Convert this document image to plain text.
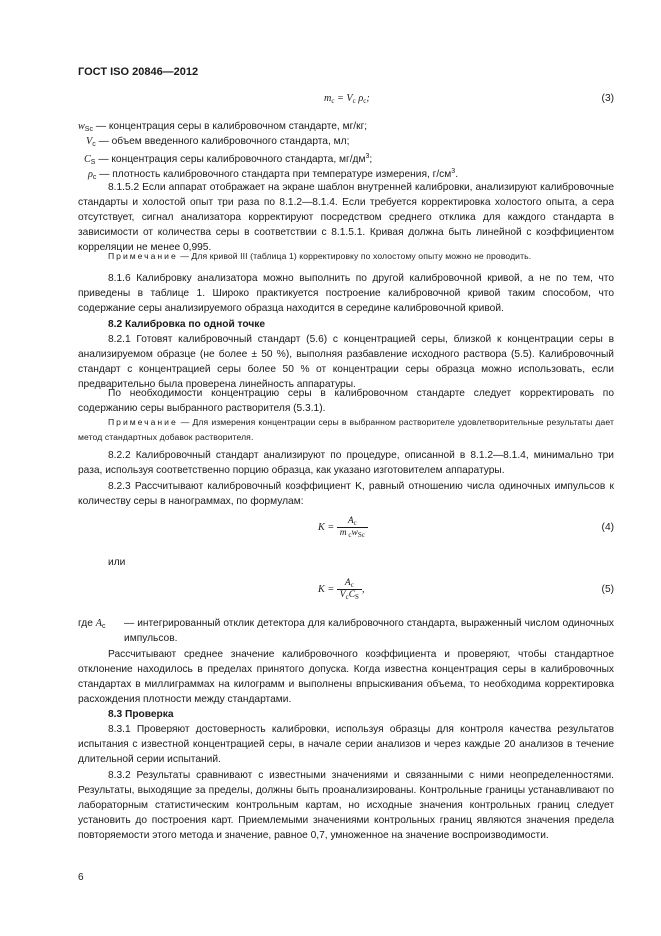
ГОСТ ISO 20846—2012
$m_c = V_c$ $\rho_c$;	(3)
$w_{Sc}$ — концентрация серы в калибровочном стандарте, мг/кг;
$V_c$ — объем введенного калибровочного стандарта, мл;
$C_S$ — концентрация серы калибровочного стандарта, $мг/дм^3$;
$\rho_c$ — плотность калибровочного стандарта при температуре измерения, $г/см^3$.
8.1.5.2 Если аппарат отображает на экране шаблон внутренней калибровки, анализируют калибровочные стандарты и холостой опыт три раза по 8.1.2—8.1.4. Если требуется корректировка холостого опыта, а сера отсутствует, сигнал анализатора корректируют посредством среднего отклика для каждого стандарта в зависимости от количества серы в соответствии с 8.1.5.1. Кривая должна быть линейной с коэффициентом корреляции не менее 0,995.
Примечание — Для кривой III (таблица 1) корректировку по холостому опыту можно не проводить.
8.1.6 Калибровку анализатора можно выполнить по другой калибровочной кривой, а не по тем, что приведены в таблице 1. Широко практикуется построение калибровочной кривой таким способом, что содержание серы анализируемого образца находится в середине калибровочной кривой.
8.2 Калибровка по одной точке
8.2.1 Готовят калибровочный стандарт (5.6) с концентрацией серы, близкой к концентрации серы в анализируемом образце (не более ± 50 %), выполняя разбавление исходного раствора (5.5). Калибровочный стандарт с концентрацией серы более 50 % от концентрации серы образца можно использовать, если предварительно была проверена линейность аппаратуры.
По необходимости концентрацию серы в калибровочном стандарте следует корректировать по содержанию серы выбранного растворителя (5.3.1).
Примечание — Для измерения концентрации серы в выбранном растворителе удовлетворительные результаты дает метод стандартных добавок растворителя.
8.2.2 Калибровочный стандарт анализируют по процедуре, описанной в 8.1.2—8.1.4, минимально три раза, используя соответственно порцию образца, как указано изготовителем аппаратуры.
8.2.3 Рассчитывают калибровочный коэффициент K, равный отношению числа одиночных импульсов к количеству серы в нанограммах, по формулам:
$K = \frac{A_c}{m _cw_{Sc}}$	(4)
или
$K = \frac{A_c}{V_cC_S}$ ,	(5)
где $A_c$ — интегрированный отклик детектора для калибровочного стандарта, выраженный числом одиночных импульсов.
Рассчитывают среднее значение калибровочного коэффициента и проверяют, чтобы стандартное отклонение находилось в пределах принятого допуска. Когда известна концентрация серы в калибровочных стандартах в миллиграммах на килограмм и выполнены впрыскивания объема, то необходима корректировка расхождения плотности между стандартами.
8.3 Проверка
8.3.1 Проверяют достоверность калибровки, используя образцы для контроля качества результатов испытания с известной концентрацией серы, в начале серии анализов и через каждые 20 анализов в течение длительной серии испытаний.
8.3.2 Результаты сравнивают с известными значениями и связанными с ними неопределенностями. Результаты, выходящие за пределы, должны быть проанализированы. Контрольные границы устанавливают по лабораторным статистическим контрольным картам, но исходные значения контрольных границ следует установить до построения карт. Приемлемыми значениями контрольных границ являются значения предела повторяемости этого метода и значение, равное 0,7, умноженное на значение воспроизводимости.
6
